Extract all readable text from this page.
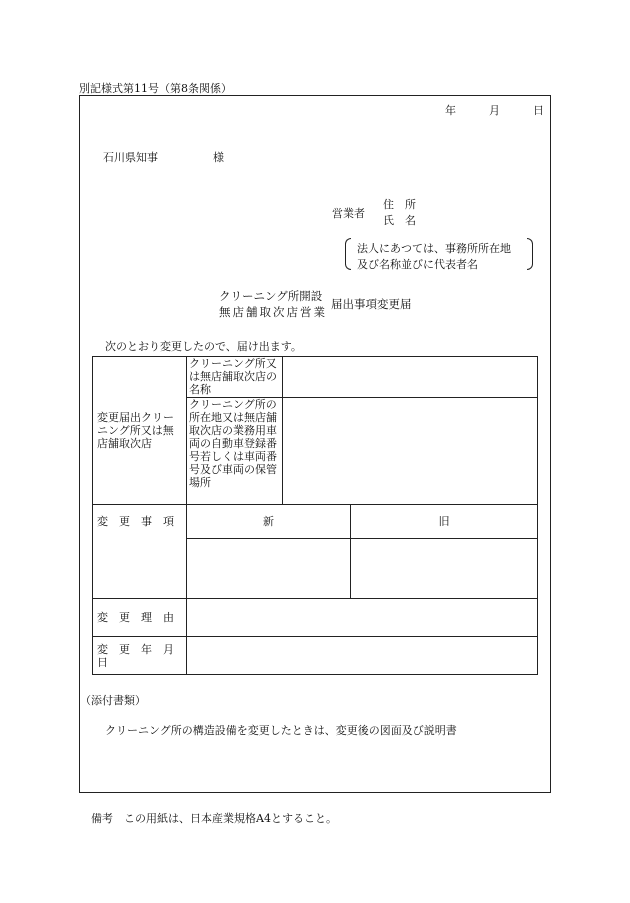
別記様式第11号（第8条関係）
年	月	日
石川県知事	様
営業者
住　所
氏　名
法人にあつては、事務所所在地
及び名称並びに代表者名
クリーニング所開設
無店舗取次店営業
届出事項変更届
次のとおり変更したので、届け出ます。
変更届出クリーニング所又は無店舗取次店	クリーニング所又は無店舗取次店の名称		
	クリーニング所の所在地又は無店舗取次店の業務用車両の自動車登録番号若しくは車両番号及び車両の保管場所		
変　更　事　項	新		旧

変　更　理　由			
変　更　年　月　日			
（添付書類）
クリーニング所の構造設備を変更したときは、変更後の図面及び説明書
備考　この用紙は、日本産業規格A4とすること。
